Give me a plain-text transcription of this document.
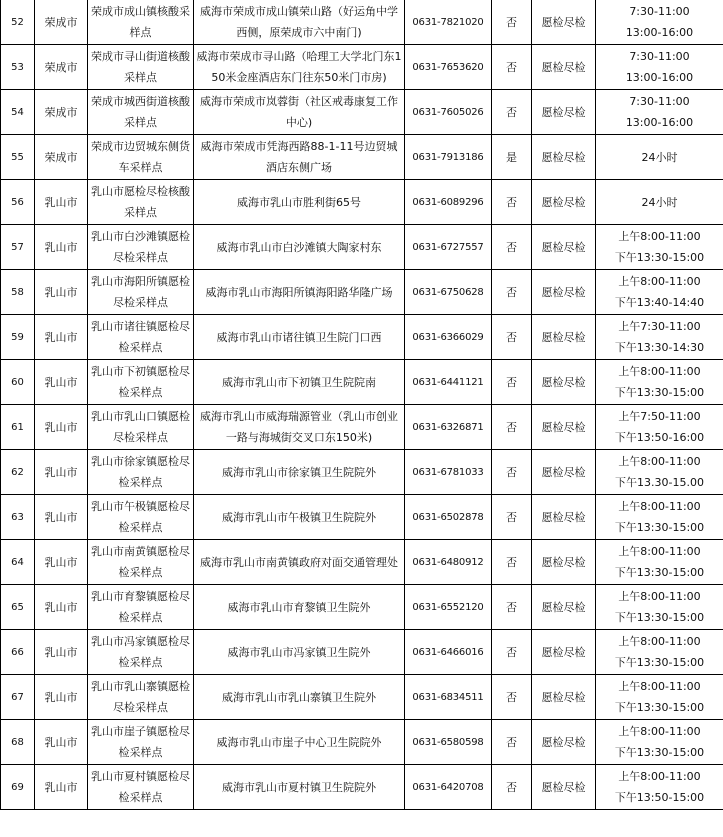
52	荣成市	荣成市成山镇核酸采样点	威海市荣成市成山镇荣山路（好运角中学西侧，原荣成市六中南门)	0631-7821020	否	愿检尽检	7:30-11:00
13:00-16:00

53	荣成市	荣成市寻山街道核酸采样点	威海市荣成市寻山路（哈理工大学北门东150米金座酒店东门往东50米门市房)	0631-7653620	否	愿检尽检	7:30-11:00
13:00-16:00

54	荣成市	荣成市城西街道核酸采样点	威海市荣成市岚蓉街（社区戒毒康复工作中心)	0631-7605026	否	愿检尽检	7:30-11:00
13:00-16:00

55	荣成市	荣成市边贸城东侧货车采样点	威海市荣成市凭海西路88-1-11号边贸城酒店东侧广场	0631-7913186	是	愿检尽检	24小时

56	乳山市	乳山市愿检尽检核酸采样点	威海市乳山市胜利街65号	0631-6089296	否	愿检尽检	24小时

57	乳山市	乳山市白沙滩镇愿检尽检采样点	威海市乳山市白沙滩镇大陶家村东	0631-6727557	否	愿检尽检	上午8:00-11:00
下午13:30-15:00

58	乳山市	乳山市海阳所镇愿检尽检采样点	威海市乳山市海阳所镇海阳路华隆广场	0631-6750628	否	愿检尽检	上午8:00-11:00
下午13:40-14:40

59	乳山市	乳山市诸往镇愿检尽检采样点	威海市乳山市诸往镇卫生院门口西	0631-6366029	否	愿检尽检	上午7:30-11:00
下午13:30-14:30

60	乳山市	乳山市下初镇愿检尽检采样点	威海市乳山市下初镇卫生院院南	0631-6441121	否	愿检尽检	上午8:00-11:00
下午13:30-15:00

61	乳山市	乳山市乳山口镇愿检尽检采样点	威海市乳山市威海瑞源管业（乳山市创业一路与海城街交叉口东150米)	0631-6326871	否	愿检尽检	上午7:50-11:00
下午13:50-16:00

62	乳山市	乳山市徐家镇愿检尽检采样点	威海市乳山市徐家镇卫生院院外	0631-6781033	否	愿检尽检	上午8:00-11:00
下午13.30-15.00

63	乳山市	乳山市午极镇愿检尽检采样点	威海市乳山市午极镇卫生院院外	0631-6502878	否	愿检尽检	上午8:00-11:00
下午13:30-15:00

64	乳山市	乳山市南黄镇愿检尽检采样点	威海市乳山市南黄镇政府对面交通管理处	0631-6480912	否	愿检尽检	上午8:00-11:00
下午13:30-15:00

65	乳山市	乳山市育黎镇愿检尽检采样点	威海市乳山市育黎镇卫生院外	0631-6552120	否	愿检尽检	上午8:00-11:00
下午13:30-15:00

66	乳山市	乳山市冯家镇愿检尽检采样点	威海市乳山市冯家镇卫生院外	0631-6466016	否	愿检尽检	上午8:00-11:00
下午13:30-15:00

67	乳山市	乳山市乳山寨镇愿检尽检采样点	威海市乳山市乳山寨镇卫生院外	0631-6834511	否	愿检尽检	上午8:00-11:00
下午13:30-15:00

68	乳山市	乳山市崖子镇愿检尽检采样点	威海市乳山市崖子中心卫生院院外	0631-6580598	否	愿检尽检	上午8:00-11:00
下午13:30-15:00

69	乳山市	乳山市夏村镇愿检尽检采样点	威海市乳山市夏村镇卫生院院外	0631-6420708	否	愿检尽检	上午8:00-11:00
下午13:50-15:00
